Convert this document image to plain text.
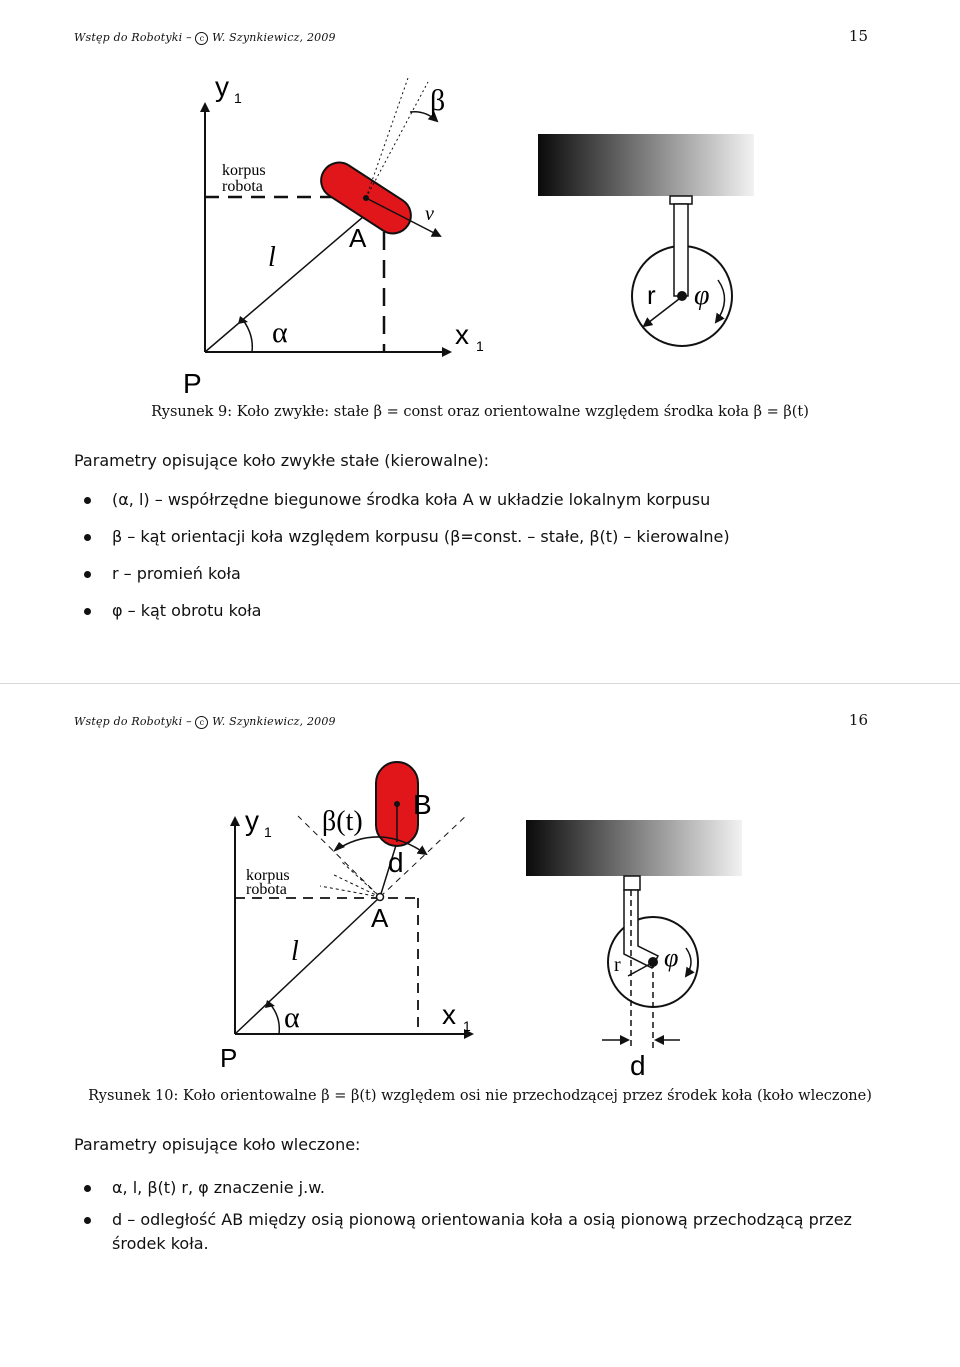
Wstęp do Robotyki – c W. Szynkiewicz, 2009	15
y 1
x 1
β
korpus
robota
v
A
l
α
P
r φ
Rysunek 9: Koło zwykłe: stałe β = const oraz orientowalne względem środka koła β = β(t)
Parametry opisujące koło zwykłe stałe (kierowalne):
(α, l) – współrzędne biegunowe środka koła A w układzie lokalnym korpusu
β – kąt orientacji koła względem korpusu (β=const. – stałe, β(t) – kierowalne)
r – promień koła
φ – kąt obrotu koła
Wstęp do Robotyki – c W. Szynkiewicz, 2009	16
y 1
x 1
β(t)
B
d
korpus
robota
A
l
α
P
r φ
d
Rysunek 10: Koło orientowalne β = β(t) względem osi nie przechodzącej przez środek koła (koło wleczone)
Parametry opisujące koło wleczone:
α, l, β(t) r, φ znaczenie j.w.
d – odległość AB między osią pionową orientowania koła a osią pionową przechodzącą przez środek koła.
